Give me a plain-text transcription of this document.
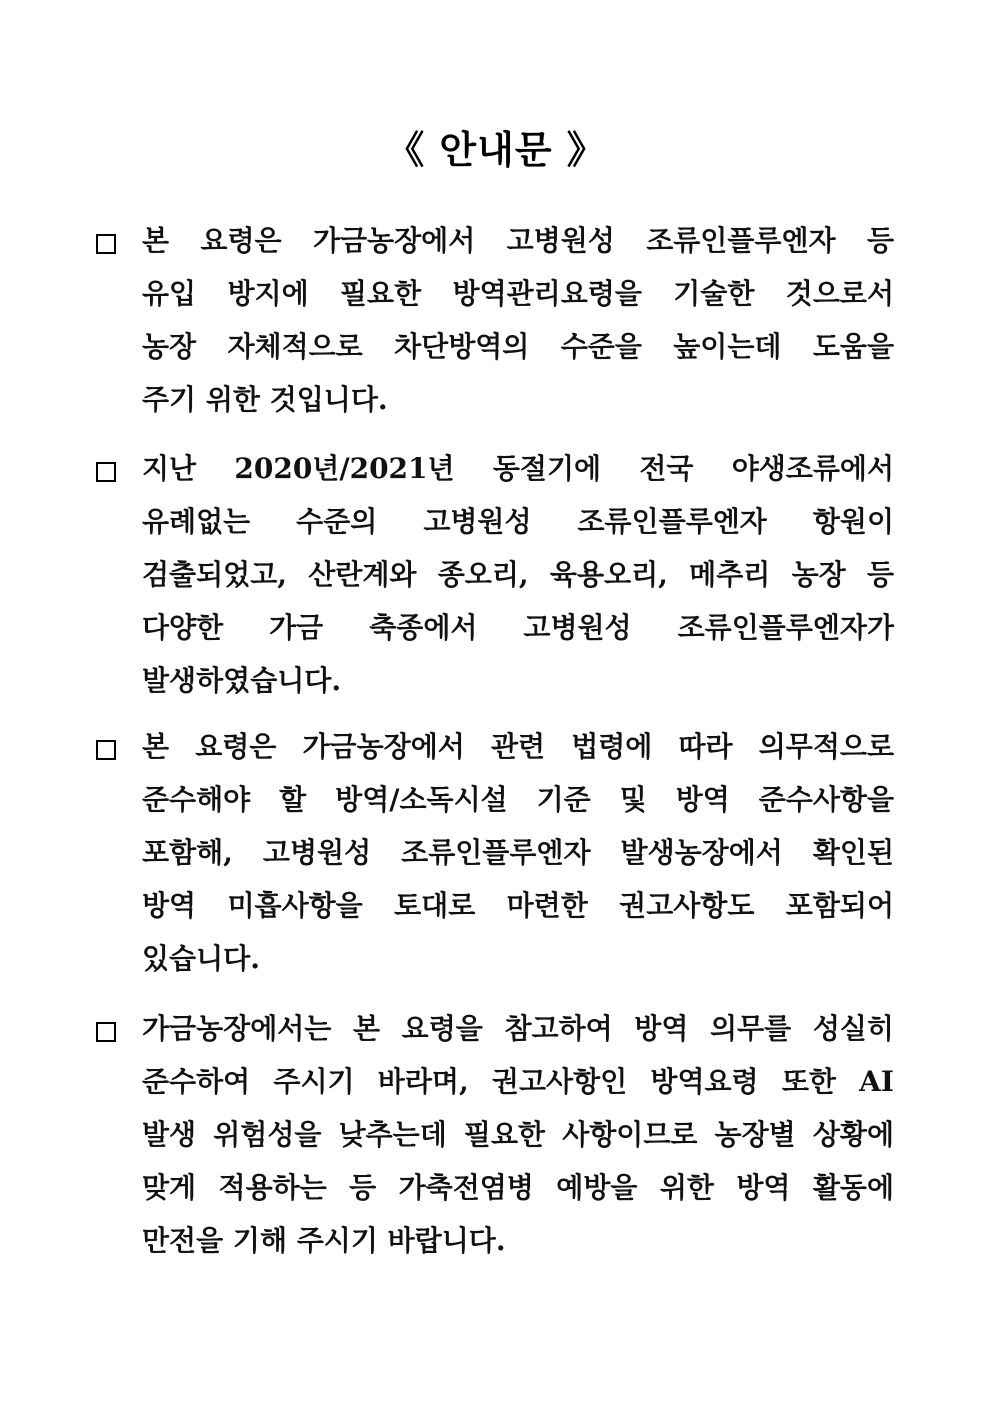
《 안내문 》
본 요령은 가금농장에서 고병원성 조류인플루엔자 등
유입 방지에 필요한 방역관리요령을 기술한 것으로서
농장 자체적으로 차단방역의 수준을 높이는데 도움을
주기 위한 것입니다.
지난 2020년/2021년 동절기에 전국 야생조류에서
유례없는 수준의 고병원성 조류인플루엔자 항원이
검출되었고, 산란계와 종오리, 육용오리, 메추리 농장 등
다양한 가금 축종에서 고병원성 조류인플루엔자가
발생하였습니다.
본 요령은 가금농장에서 관련 법령에 따라 의무적으로
준수해야 할 방역/소독시설 기준 및 방역 준수사항을
포함해, 고병원성 조류인플루엔자 발생농장에서 확인된
방역 미흡사항을 토대로 마련한 권고사항도 포함되어
있습니다.
가금농장에서는 본 요령을 참고하여 방역 의무를 성실히
준수하여 주시기 바라며, 권고사항인 방역요령 또한 AI
발생 위험성을 낮추는데 필요한 사항이므로 농장별 상황에
맞게 적용하는 등 가축전염병 예방을 위한 방역 활동에
만전을 기해 주시기 바랍니다.
